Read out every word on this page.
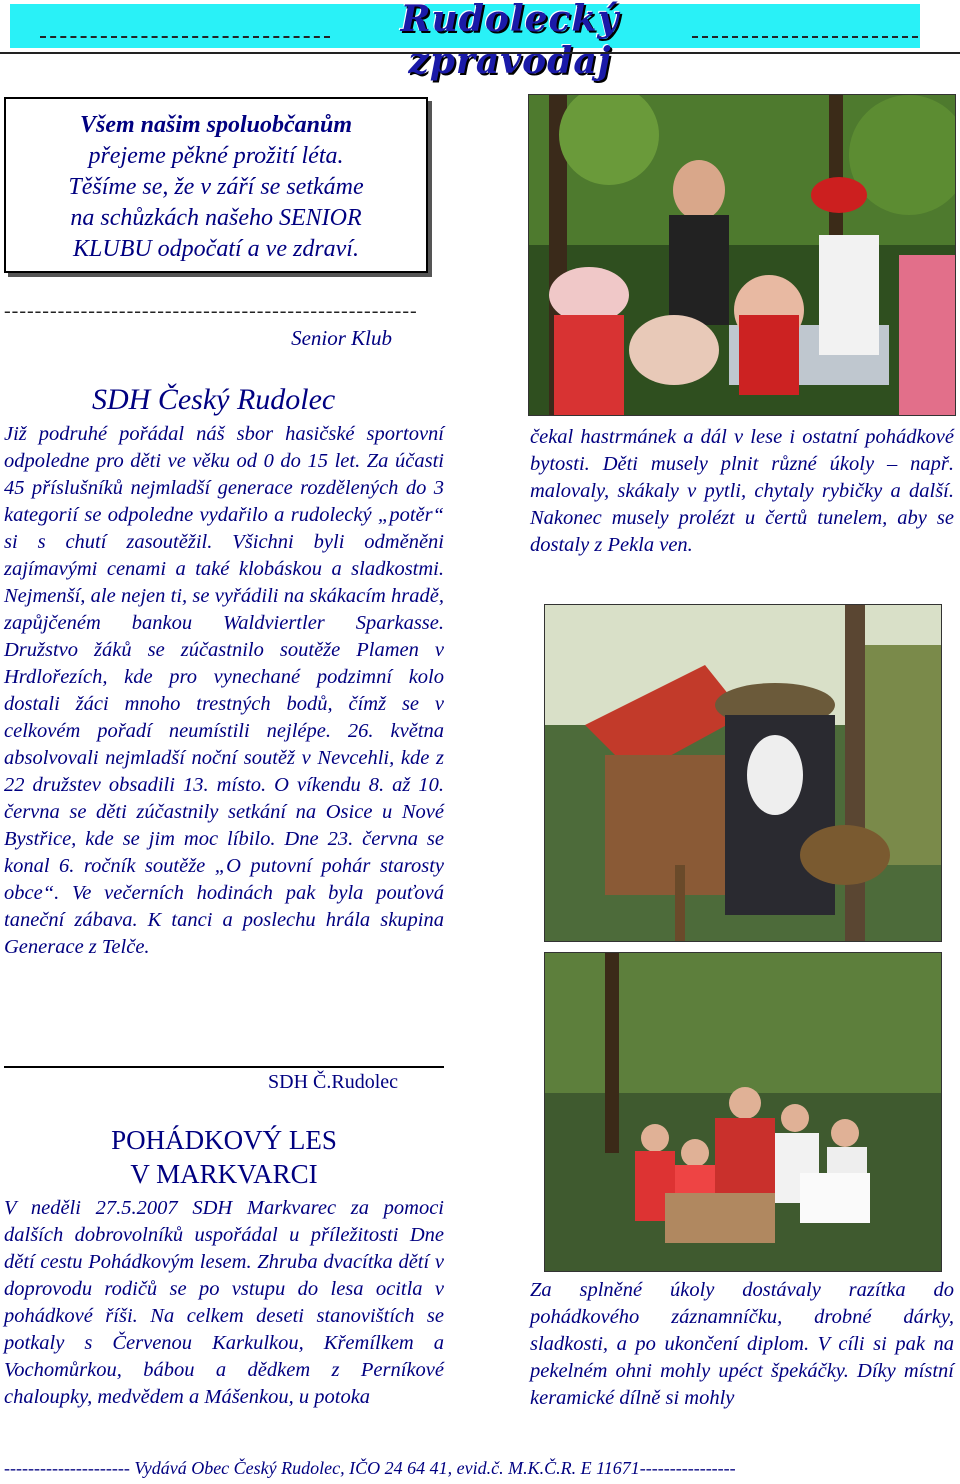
Rudolecký zpravodaj
Všem našim spoluobčanům
přejeme pěkné prožití léta.
Těšíme se, že v září se setkáme
na schůzkách našeho SENIOR
KLUBU odpočatí a ve zdraví.
------------------------------------------------------
Senior Klub
SDH Český Rudolec
Již podruhé pořádal náš sbor hasičské sportovní odpoledne pro děti ve věku od 0 do 15 let. Za účasti 45 příslušníků nejmladší generace rozdělených do 3 kategorií se odpoledne vydařilo a rudolecký „potěr“ si s chutí zasoutěžil. Všichni byli odměněni zajímavými cenami a také klobáskou a sladkostmi. Nejmenší, ale nejen ti, se vyřádili na skákacím hradě, zapůjčeném bankou Waldviertler Sparkasse. Družstvo žáků se zúčastnilo soutěže Plamen v Hrdlořezích, kde pro vynechané podzimní kolo dostali žáci mnoho trestných bodů, čímž se v celkovém pořadí neumístili nejlépe. 26. května absolvovali nejmladší noční soutěž v Nevcehli, kde z 22 družstev obsadili 13. místo. O víkendu 8. až 10. června se děti zúčastnily setkání na Osice u Nové Bystřice, kde se jim moc líbilo. Dne 23. června se konal 6. ročník soutěže „O putovní pohár starosty obce“. Ve večerních hodinách pak byla pouťová taneční zábava. K tanci a poslechu hrála skupina Generace z Telče.
SDH Č.Rudolec
POHÁDKOVÝ LES
V MARKVARCI
V neděli 27.5.2007 SDH Markvarec za pomoci dalších dobrovolníků uspořádal u příležitosti Dne dětí cestu Pohádkovým lesem. Zhruba dvacítka dětí v doprovodu rodičů se po vstupu do lesa ocitla v pohádkové říši. Na celkem deseti stanovištích se potkaly s Červenou Karkulkou, Křemílkem a Vochomůrkou, bábou a dědkem z Perníkové chaloupky, medvědem a Mášenkou, u potoka
čekal hastrmánek a dál v lese i ostatní pohádkové bytosti. Děti musely plnit různé úkoly – např. malovaly, skákaly v pytli, chytaly rybičky a další. Nakonec musely prolézt u čertů tunelem, aby se dostaly z Pekla ven.
Za splněné úkoly dostávaly razítka do pohádkového záznamníčku, drobné dárky, sladkosti, a po ukončení diplom. V cíli si pak na pekelném ohni mohly upéct špekáčky. Díky místní keramické dílně si mohly
--------------------- Vydává Obec Český Rudolec, IČO 24 64 41, evid.č. M.K.Č.R. E 11671----------------
